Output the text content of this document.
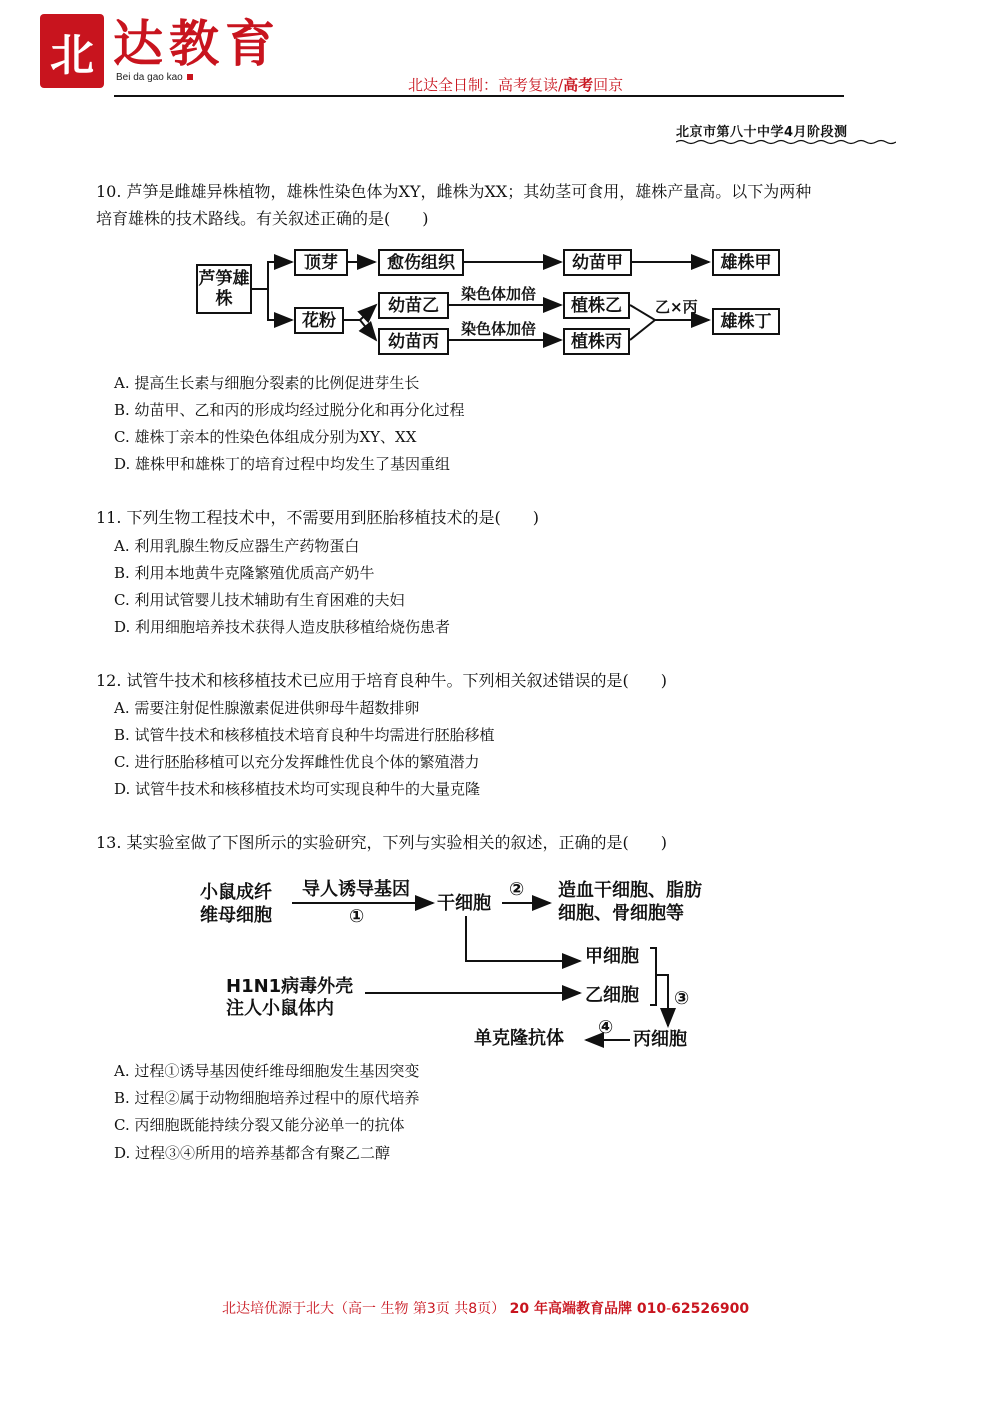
北 达教育
Bei da gao kao	北达全日制：高考复读/高考回京
北京市第八十中学4月阶段测
10. 芦笋是雌雄异株植物，雄株性染色体为XY，雌株为XX；其幼茎可食用，雄株产量高。以下为两种
培育雄株的技术路线。有关叙述正确的是(　　)
芦笋雄株
顶芽	愈伤组织	幼苗甲	雄株甲
花粉
幼苗乙
幼苗丙
染色体加倍
染色体加倍
植株乙
植株丙
乙×丙
雄株丁
A. 提高生长素与细胞分裂素的比例促进芽生长
B. 幼苗甲、乙和丙的形成均经过脱分化和再分化过程
C. 雄株丁亲本的性染色体组成分别为XY、XX
D. 雄株甲和雄株丁的培育过程中均发生了基因重组
11. 下列生物工程技术中，不需要用到胚胎移植技术的是(　　)
A. 利用乳腺生物反应器生产药物蛋白
B. 利用本地黄牛克隆繁殖优质高产奶牛
C. 利用试管婴儿技术辅助有生育困难的夫妇
D. 利用细胞培养技术获得人造皮肤移植给烧伤患者
12. 试管牛技术和核移植技术已应用于培育良种牛。下列相关叙述错误的是(　　)
A. 需要注射促性腺激素促进供卵母牛超数排卵
B. 试管牛技术和核移植技术培育良种牛均需进行胚胎移植
C. 进行胚胎移植可以充分发挥雌性优良个体的繁殖潜力
D. 试管牛技术和核移植技术均可实现良种牛的大量克隆
13. 某实验室做了下图所示的实验研究，下列与实验相关的叙述，正确的是(　　)
小鼠成纤
维母细胞
导人诱导基因
①
干细胞
② 造血干细胞、脂肪
细胞、骨细胞等
甲细胞
H1N1病毒外壳
注人小鼠体内
乙细胞 ③
单克隆抗体
④
丙细胞
A. 过程①诱导基因使纤维母细胞发生基因突变
B. 过程②属于动物细胞培养过程中的原代培养
C. 丙细胞既能持续分裂又能分泌单一的抗体
D. 过程③④所用的培养基都含有聚乙二醇
北达培优源于北大（高一 生物 第3页 共8页） 20 年高端教育品牌 010-62526900
